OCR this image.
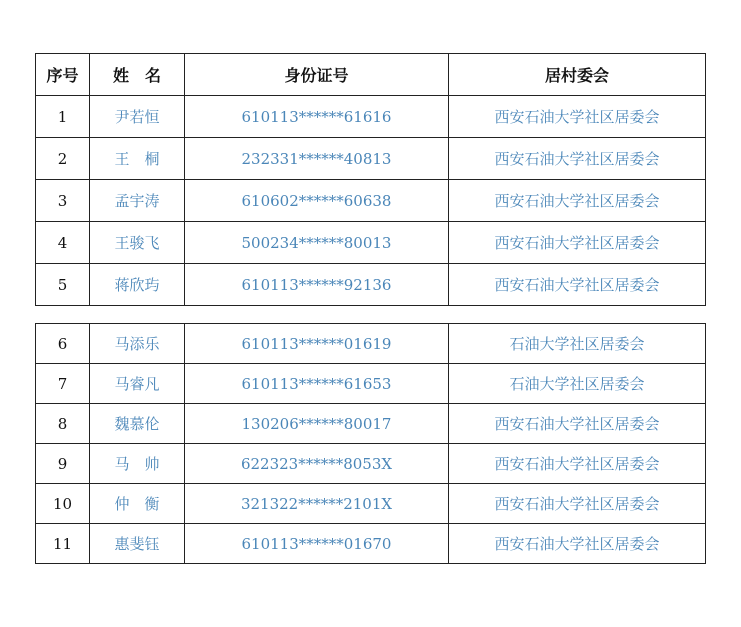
序号	姓　名	身份证号	居村委会
1	尹若恒	610113******61616	西安石油大学社区居委会
2	王　桐	232331******40813	西安石油大学社区居委会
3	孟宇涛	610602******60638	西安石油大学社区居委会
4	王骏飞	500234******80013	西安石油大学社区居委会
5	蒋欣玙	610113******92136	西安石油大学社区居委会
6	马添乐	610113******01619	石油大学社区居委会
7	马睿凡	610113******61653	石油大学社区居委会
8	魏慕伦	130206******80017	西安石油大学社区居委会
9	马　帅	622323******8053X	西安石油大学社区居委会
10	仲　衡	321322******2101X	西安石油大学社区居委会
11	惠斐钰	610113******01670	西安石油大学社区居委会
